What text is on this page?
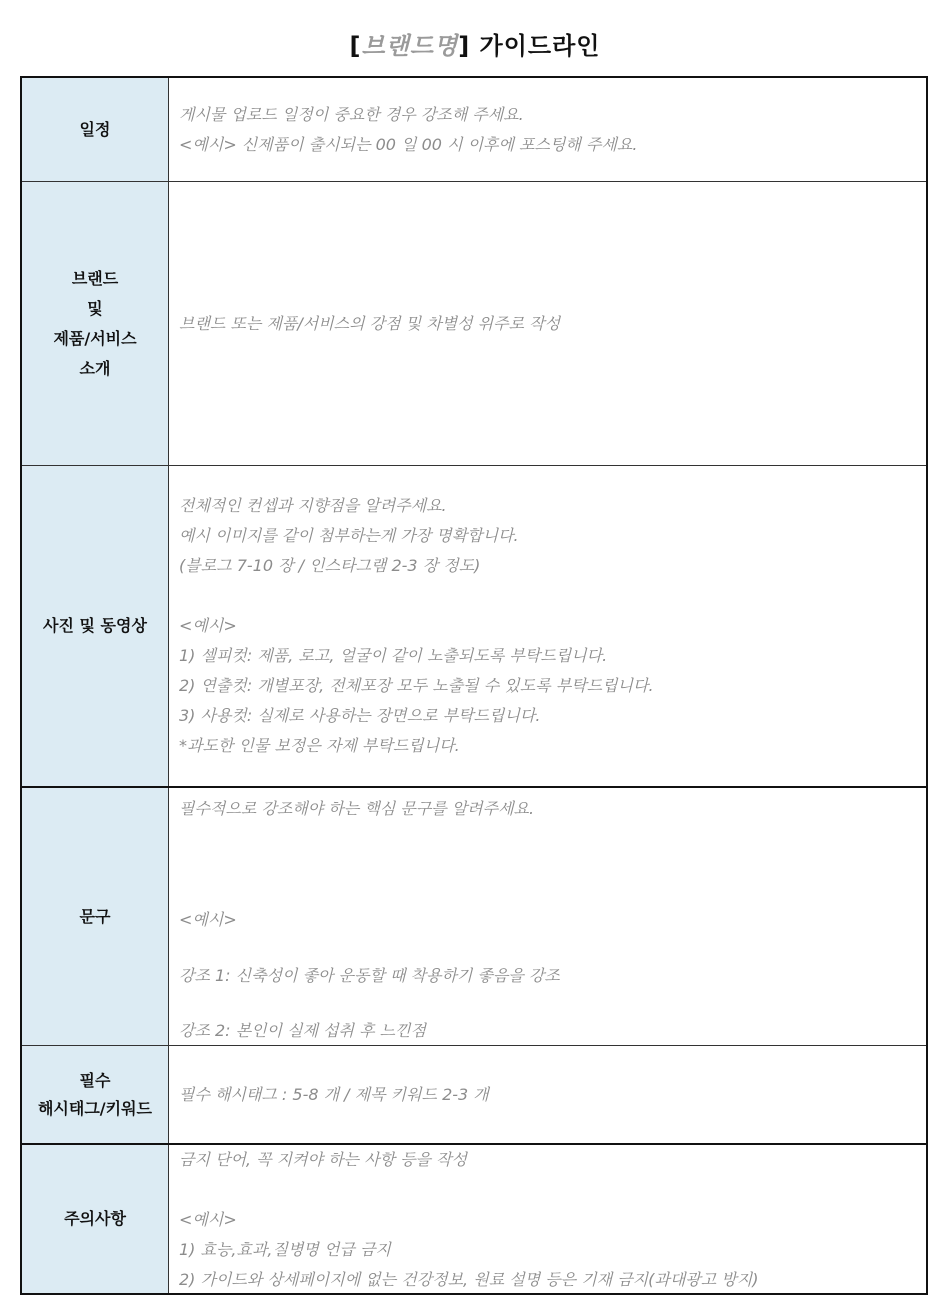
[브랜드명] 가이드라인
일정
게시물 업로드 일정이 중요한 경우 강조해 주세요.
<예시> 신제품이 출시되는 00 일 00 시 이후에 포스팅해 주세요.
브랜드
및
제품/서비스
소개
브랜드 또는 제품/서비스의 강점 및 차별성 위주로 작성
사진 및 동영상
전체적인 컨셉과 지향점을 알려주세요.
예시 이미지를 같이 첨부하는게 가장 명확합니다.
(블로그 7-10 장 / 인스타그램 2-3 장 정도)
<예시>
1) 셀피컷: 제품, 로고, 얼굴이 같이 노출되도록 부탁드립니다.
2) 연출컷: 개별포장, 전체포장 모두 노출될 수 있도록 부탁드립니다.
3) 사용컷: 실제로 사용하는 장면으로 부탁드립니다.
*과도한 인물 보정은 자제 부탁드립니다.
문구
필수적으로 강조해야 하는 핵심 문구를 알려주세요.
<예시>
강조 1: 신축성이 좋아 운동할 때 착용하기 좋음을 강조
강조 2: 본인이 실제 섭취 후 느낀점
필수
해시태그/키워드
필수 해시태그 : 5-8 개 / 제목 키워드 2-3 개
주의사항
금지 단어, 꼭 지켜야 하는 사항 등을 작성
<예시>
1) 효능,효과,질병명 언급 금지
2) 가이드와 상세페이지에 없는 건강정보, 원료 설명 등은 기재 금지(과대광고 방지)
